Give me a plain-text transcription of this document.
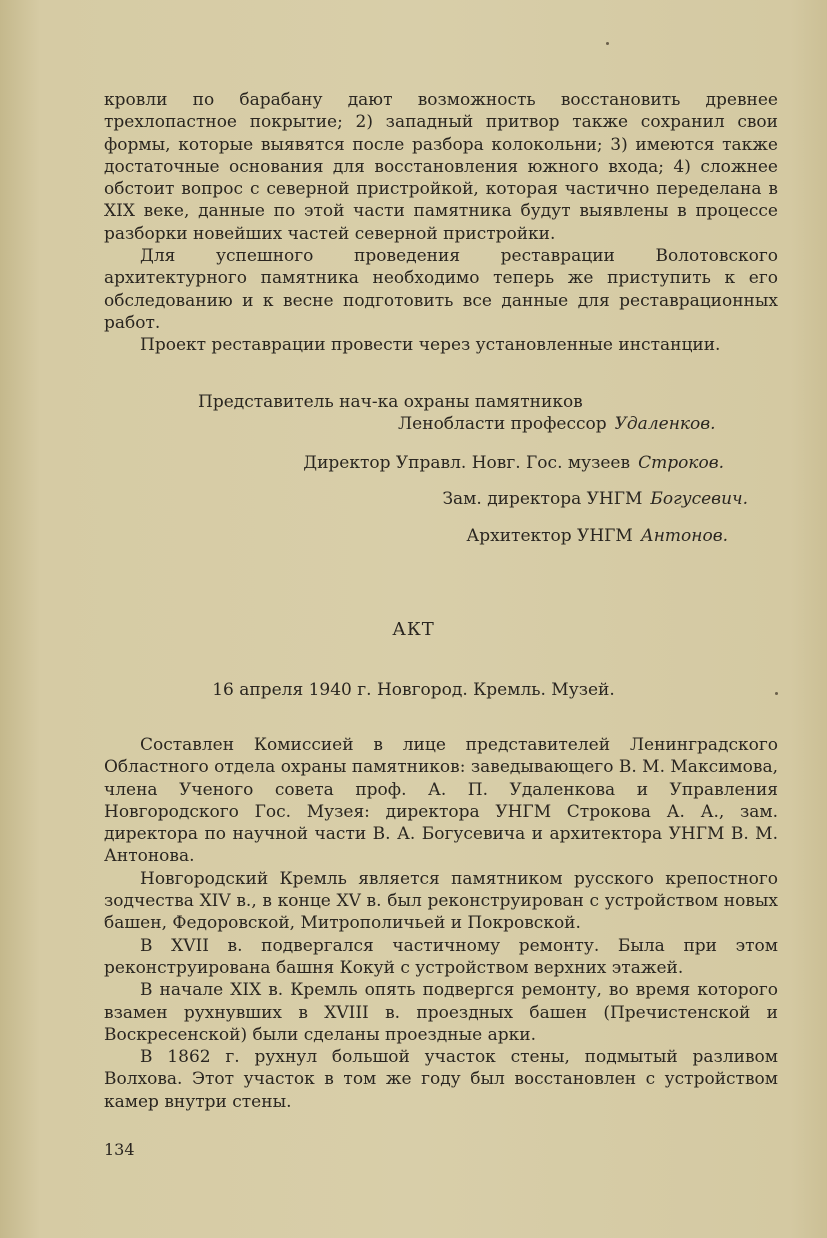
кровли по барабану дают возможность восстановить древнее трехлопастное покрытие; 2) западный притвор также сохранил свои формы, которые выявятся после разбора колокольни; 3) имеются также достаточные основания для восстановления южного входа; 4) сложнее обстоит вопрос с северной пристройкой, которая частично переделана в XIX веке, данные по этой части памятника будут выявлены в процессе разборки новейших частей северной пристройки.

Для успешного проведения реставрации Волотовского архитектурного памятника необходимо теперь же приступить к его обследованию и к весне подготовить все данные для реставрационных работ.

Проект реставрации провести через установленные инстанции.

Представитель нач-ка охраны памятников
Ленобласти профессор Удаленков.
Директор Управл. Новг. Гос. музеев Строков.
Зам. директора УНГМ Богусевич.
Архитектор УНГМ Антонов.
АКТ
16 апреля 1940 г. Новгород. Кремль. Музей.

Составлен Комиссией в лице представителей Ленинградского Областного отдела охраны памятников: заведывающего В. М. Максимова, члена Ученого совета проф. А. П. Удаленкова и Управления Новгородского Гос. Музея: директора УНГМ Строкова А. А., зам. директора по научной части В. А. Богусевича и архитектора УНГМ В. М. Антонова.

Новгородский Кремль является памятником русского крепостного зодчества XIV в., в конце XV в. был реконструирован с устройством новых башен, Федоровской, Митрополичьей и Покровской.

В XVII в. подвергался частичному ремонту. Была при этом реконструирована башня Кокуй с устройством верхних этажей.

В начале XIX в. Кремль опять подвергся ремонту, во время которого взамен рухнувших в XVIII в. проездных башен (Пречистенской и Воскресенской) были сделаны проездные арки.

В 1862 г. рухнул большой участок стены, подмытый разливом Волхова. Этот участок в том же году был восстановлен с устройством камер внутри стены.

134
